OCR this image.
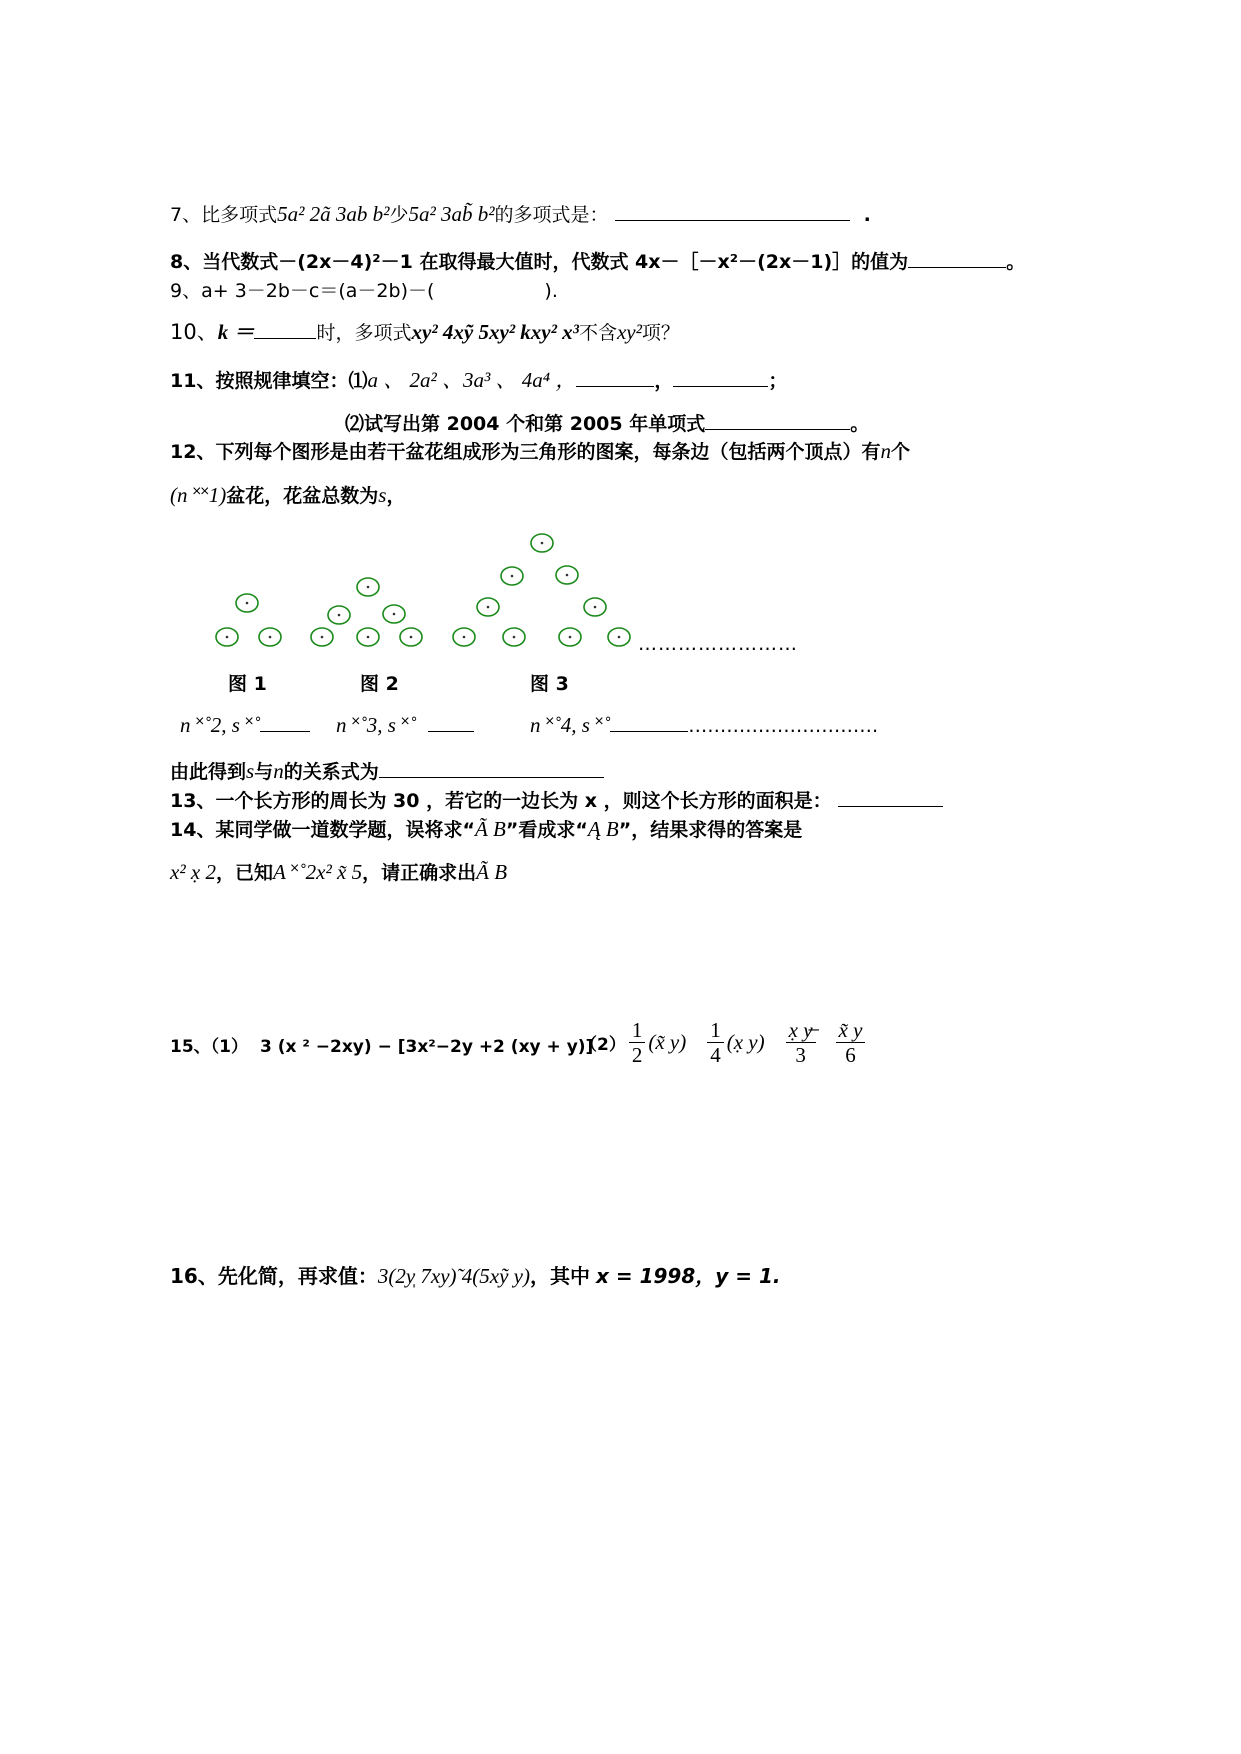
7、比多项式5a² 2ã 3ab b²少5a² 3ab̃ b²的多项式是：	.
8、当代数式－(2x－4)²－1 在取得最大值时，代数式 4x－［－x²－(2x－1)］的值为	。
9、a+ 3－2b－c＝(a－2b)－(	).
10、k ＝	时，多项式xy² 4xỹ 5xy² kxy² x³不含xy²项？
11、按照规律填空：⑴a 、 2a² 、3a³ 、 4a⁴ ，	，	；
⑵试写出第 2004 个和第 2005 年单项式	。
12、下列每个图形是由若干盆花组成形为三角形的图案，每条边（包括两个顶点）有n个
(n ˟˟1)盆花，花盆总数为s，
……………………
图 1	图 2	图 3
n ˟˚2, s ˟˚	n ˟˚3, s ˟˚	n ˟˚4, s ˟˚	…………………………
由此得到s与n的关系式为
13、一个长方形的周长为 30 ，若它的一边长为 x ，则这个长方形的面积是：
14、某同学做一道数学题，误将求“Ã B”看成求“Ą B”，结果求得的答案是
x² x̣ 2，已知A ˟˚2x² x̃ 5，请正确求出Ã B
15、（1） 3 (x ² −2xy) − [3x²−2y +2 (xy + y)]
$(2) \frac{1}{2}$ (x̃ $y) \frac{1}{4}$ (x̣ $y) \frac{x̣ y̶}{3} \frac{x̃ y}{6}$
16、先化简，再求值：3(2y̩ 7xy)̃ 4(5xỹ y)，其中 x = 1998，y = 1.
